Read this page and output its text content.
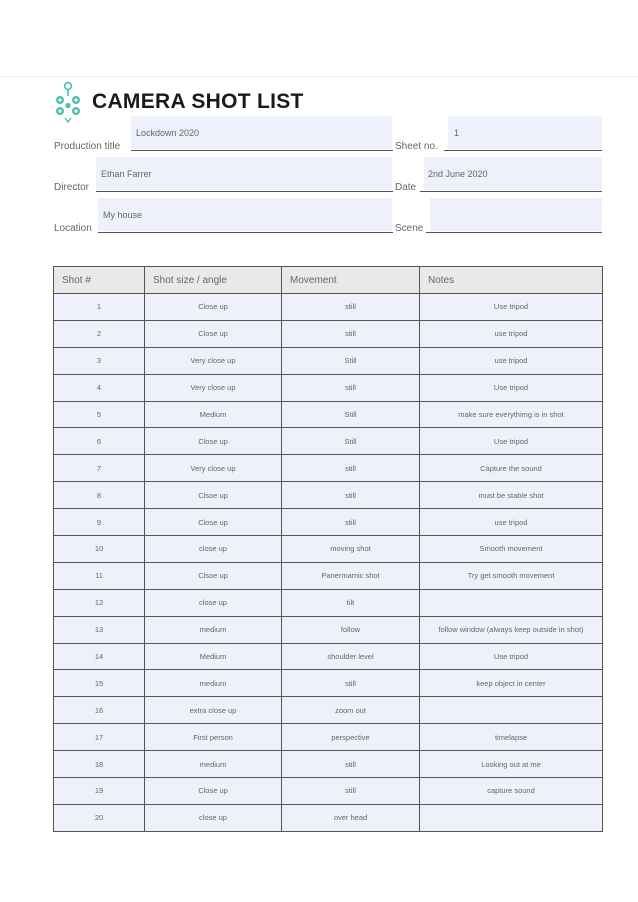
CAMERA SHOT LIST
Lockdown 2020
Production title
1
Sheet no.
Ethan Farrer
Director
2nd June 2020
Date
My house
Location	Scene
Shot #	Shot size / angle	Movement	Notes
1	Close up	still	Use tripod
2	Close up	still	use tripod
3	Very close up	Still	use tripod
4	Very close up	still	Use tripod
5	Medium	Still	make sure everythimg is in shot
6	Close up	Still	Use tripod
7	Very close up	still	Capture the sound
8	Clsoe up	still	must be stable shot
9	Close up	still	use tripod
10	close up	moving shot	Smooth movement
11	Clsoe up	Panermamic shot	Try get smooth movement
12	close up	tilt	
13	medium	follow	follow window (always keep outside in shot)
14	Medium	shoulder level	Use tripod
15	medium	still	keep object in center
16	extra close up	zoom out	
17	First person	perspective	timelapse
18	medium	still	Looking out at me
19	Close up	still	capture sound
20	close up	over head	
